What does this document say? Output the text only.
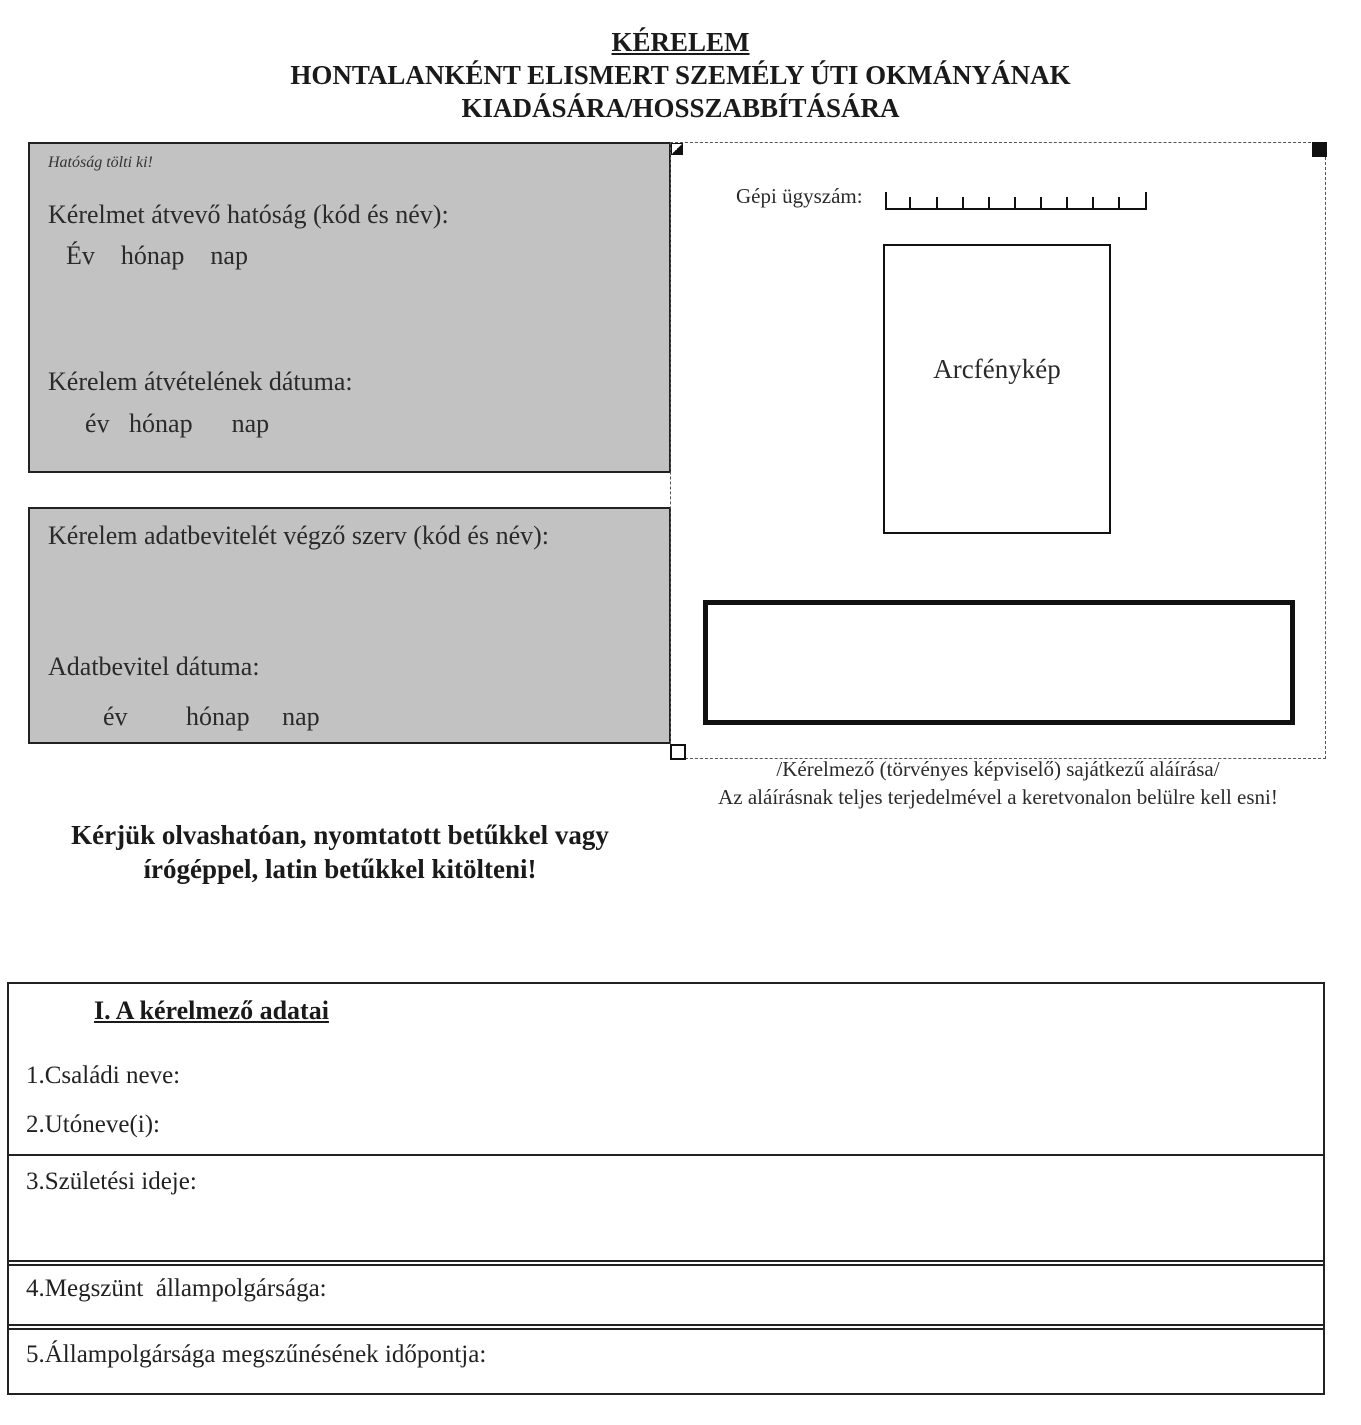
KÉRELEM
HONTALANKÉNT ELISMERT SZEMÉLY ÚTI OKMÁNYÁNAK
KIADÁSÁRA/HOSSZABBÍTÁSÁRA
Hatóság tölti ki!
Kérelmet átvevő hatóság (kód és név):
Év    hónap    nap
Kérelem átvételének dátuma:
év   hónap      nap
Kérelem adatbevitelét végző szerv (kód és név):
Adatbevitel dátuma:
év         hónap     nap
Gépi ügyszám:
Arcfénykép
/Kérelmező (törvényes képviselő) sajátkezű aláírása/
Az aláírásnak teljes terjedelmével a keretvonalon belülre kell esni!
Kérjük olvashatóan, nyomtatott betűkkel vagy
írógéppel, latin betűkkel kitölteni!
I. A kérelmező adatai
1.Családi neve:
2.Utóneve(i):
3.Születési ideje:
4.Megszünt  állampolgársága:
5.Állampolgársága megszűnésének időpontja:
